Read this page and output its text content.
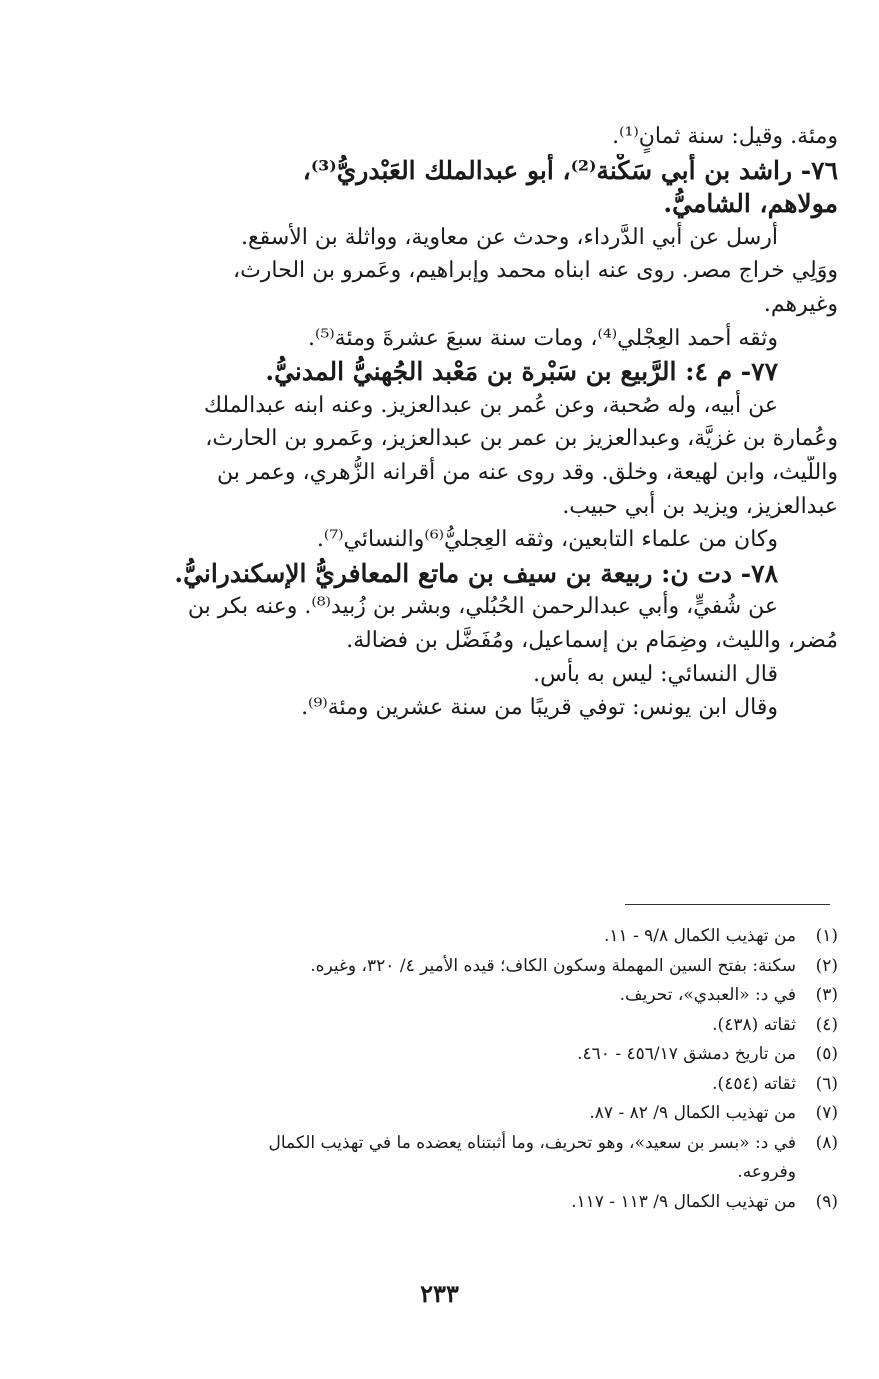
ومئة. وقيل: سنة ثمانٍ⁽¹⁾.
٧٦- راشد بن أبي سَكْنة⁽²⁾، أبو عبدالملك العَبْدريُّ⁽³⁾،
مولاهم، الشاميُّ.
أرسل عن أبي الدَّرداء، وحدث عن معاوية، وواثلة بن الأسقع.
ووَلِي خراج مصر. روى عنه ابناه محمد وإبراهيم، وعَمرو بن الحارث،
وغيرهم.
وثقه أحمد العِجْلي⁽⁴⁾، ومات سنة سبعَ عشرةَ ومئة⁽⁵⁾.
٧٧- م ٤: الرَّبيع بن سَبْرة بن مَعْبد الجُهنيُّ المدنيُّ.
عن أبيه، وله صُحبة، وعن عُمر بن عبدالعزيز. وعنه ابنه عبدالملك
وعُمارة بن غزيَّة، وعبدالعزيز بن عمر بن عبدالعزيز، وعَمرو بن الحارث،
واللَّيث، وابن لهيعة، وخلق. وقد روى عنه من أقرانه الزُّهري، وعمر بن
عبدالعزيز، ويزيد بن أبي حبيب.
وكان من علماء التابعين، وثقه العِجليُّ⁽⁶⁾والنسائي⁽⁷⁾.
٧٨- دت ن: ربيعة بن سيف بن ماتع المعافريُّ الإسكندرانيُّ.
عن شُفيٍّ، وأبي عبدالرحمن الحُبُلي، وبشر بن زُبيد⁽⁸⁾. وعنه بكر بن
مُضر، والليث، وضِمَام بن إسماعيل، ومُفَضَّل بن فضالة.
قال النسائي: ليس به بأس.
وقال ابن يونس: توفي قريبًا من سنة عشرين ومئة⁽⁹⁾.
(١)
من تهذيب الكمال ٩/٨ - ١١.
(٢)
سكنة: بفتح السين المهملة وسكون الكاف؛ قيده الأمير ٤/ ٣٢٠، وغيره.
(٣)
في د: «العبدي»، تحريف.
(٤)
ثقاته (٤٣٨).
(٥)
من تاريخ دمشق ٤٥٦/١٧ - ٤٦٠.
(٦)
ثقاته (٤٥٤).
(٧)
من تهذيب الكمال ٩/ ٨٢ - ٨٧.
(٨)
في د: «بسر بن سعيد»، وهو تحريف، وما أثبتناه يعضده ما في تهذيب الكمال
وفروعه.
(٩)
من تهذيب الكمال ٩/ ١١٣ - ١١٧.
٢٣٣
